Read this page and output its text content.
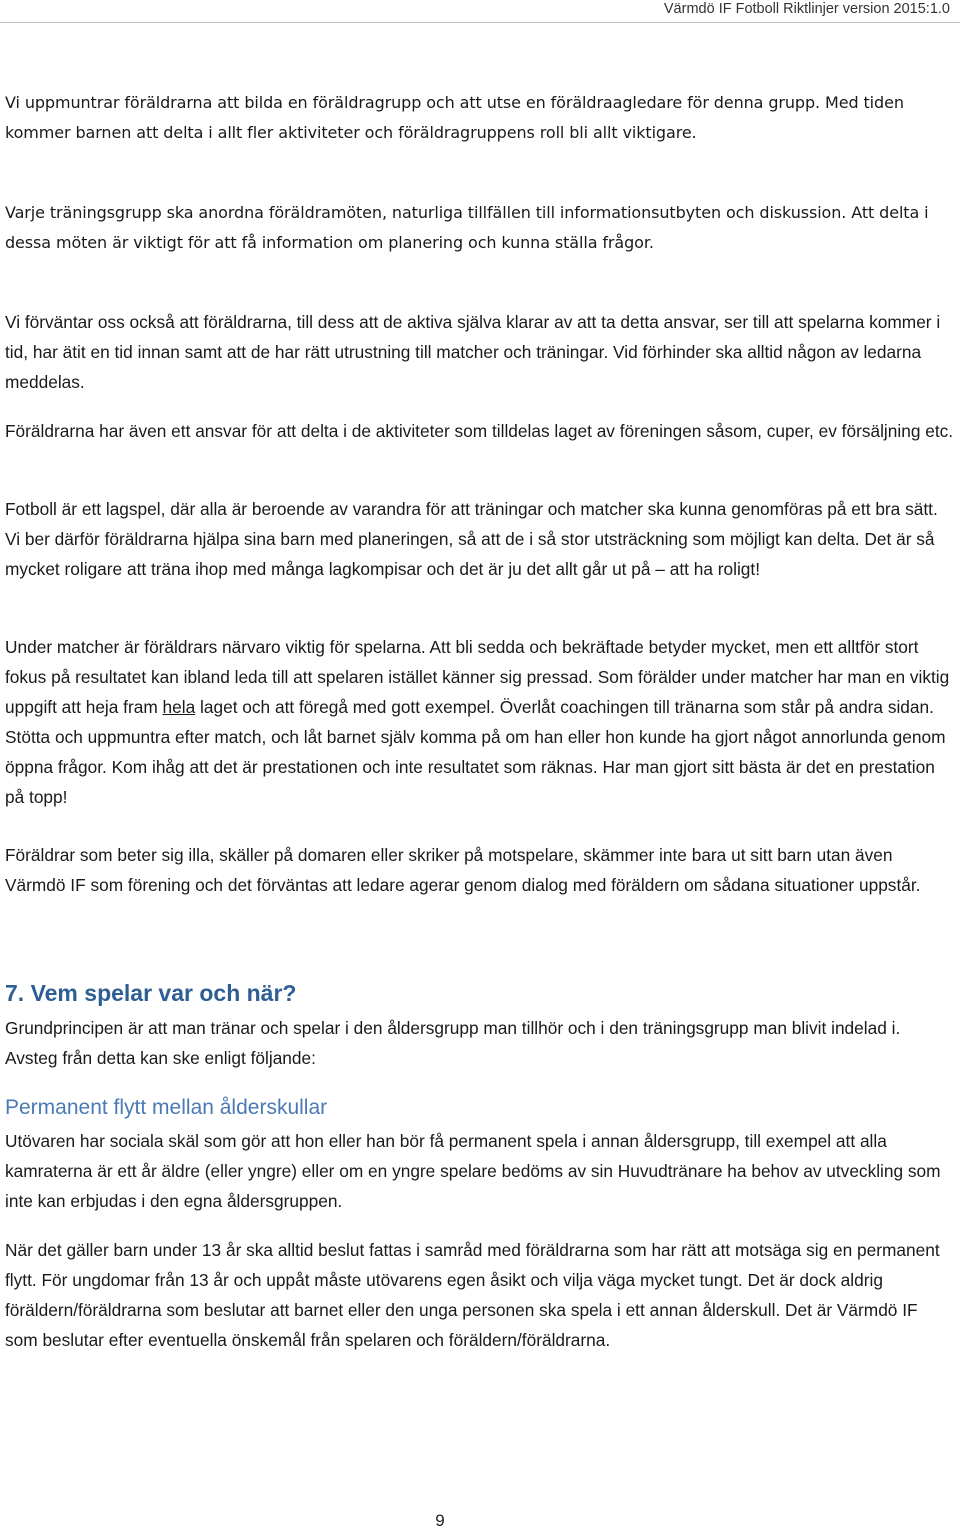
Värmdö IF Fotboll Riktlinjer version 2015:1.0

Vi uppmuntrar föräldrarna att bilda en föräldragrupp och att utse en föräldraagledare för denna grupp. Med tiden kommer barnen att delta i allt fler aktiviteter och föräldragruppens roll bli allt viktigare.

Varje träningsgrupp ska anordna föräldramöten, naturliga tillfällen till informationsutbyten och diskussion. Att delta i dessa möten är viktigt för att få information om planering och kunna ställa frågor.

Vi förväntar oss också att föräldrarna, till dess att de aktiva själva klarar av att ta detta ansvar, ser till att spelarna kommer i tid, har ätit en tid innan samt att de har rätt utrustning till matcher och träningar. Vid förhinder ska alltid någon av ledarna meddelas.

Föräldrarna har även ett ansvar för att delta i de aktiviteter som tilldelas laget av föreningen såsom, cuper, ev försäljning etc.

Fotboll är ett lagspel, där alla är beroende av varandra för att träningar och matcher ska kunna genomföras på ett bra sätt. Vi ber därför föräldrarna hjälpa sina barn med planeringen, så att de i så stor utsträckning som möjligt kan delta. Det är så mycket roligare att träna ihop med många lagkompisar och det är ju det allt går ut på – att ha roligt!

Under matcher är föräldrars närvaro viktig för spelarna. Att bli sedda och bekräftade betyder mycket, men ett alltför stort fokus på resultatet kan ibland leda till att spelaren istället känner sig pressad. Som förälder under matcher har man en viktig uppgift att heja fram hela laget och att föregå med gott exempel. Överlåt coachingen till tränarna som står på andra sidan. Stötta och uppmuntra efter match, och låt barnet själv komma på om han eller hon kunde ha gjort något annorlunda genom öppna frågor. Kom ihåg att det är prestationen och inte resultatet som räknas. Har man gjort sitt bästa är det en prestation på topp!

Föräldrar som beter sig illa, skäller på domaren eller skriker på motspelare, skämmer inte bara ut sitt barn utan även Värmdö IF som förening och det förväntas att ledare agerar genom dialog med föräldern om sådana situationer uppstår.

7. Vem spelar var och när?

Grundprincipen är att man tränar och spelar i den åldersgrupp man tillhör och i den träningsgrupp man blivit indelad i. Avsteg från detta kan ske enligt följande:

Permanent flytt mellan ålderskullar

Utövaren har sociala skäl som gör att hon eller han bör få permanent spela i annan åldersgrupp, till exempel att alla kamraterna är ett år äldre (eller yngre) eller om en yngre spelare bedöms av sin Huvudtränare ha behov av utveckling som inte kan erbjudas i den egna åldersgruppen.

När det gäller barn under 13 år ska alltid beslut fattas i samråd med föräldrarna som har rätt att motsäga sig en permanent flytt. För ungdomar från 13 år och uppåt måste utövarens egen åsikt och vilja väga mycket tungt. Det är dock aldrig föräldern/föräldrarna som beslutar att barnet eller den unga personen ska spela i ett annan ålderskull. Det är Värmdö IF som beslutar efter eventuella önskemål från spelaren och föräldern/föräldrarna.

9
